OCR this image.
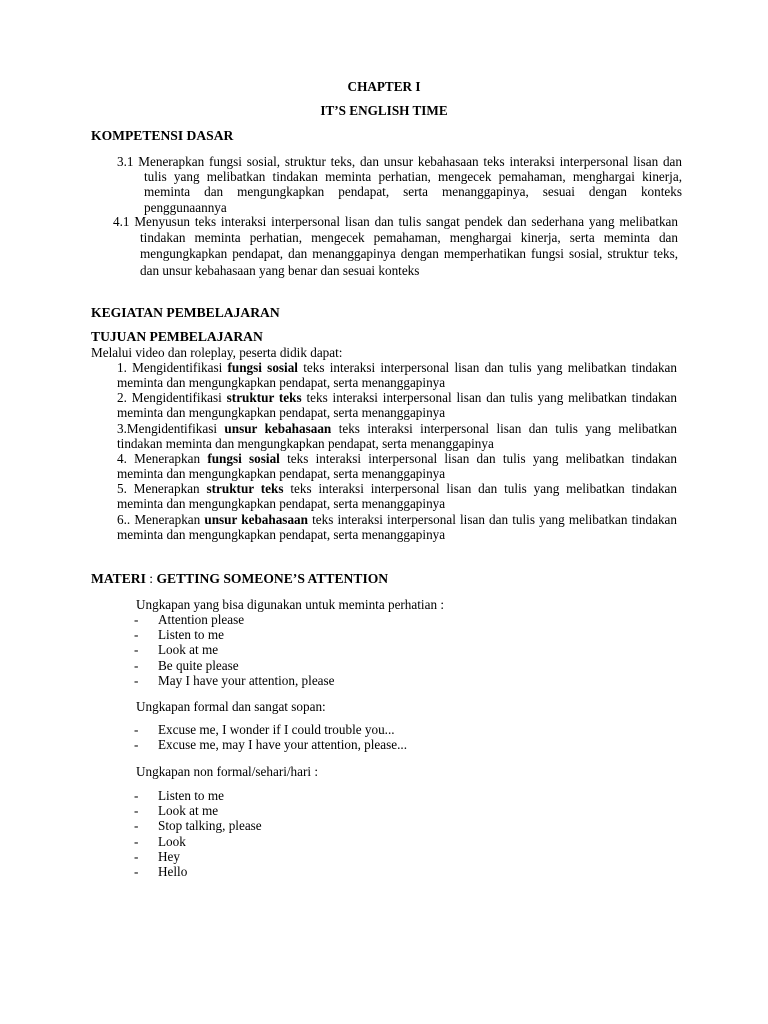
CHAPTER I
IT’S ENGLISH TIME
KOMPETENSI DASAR
3.1 Menerapkan fungsi sosial, struktur teks, dan unsur kebahasaan teks interaksi interpersonal lisan dan tulis yang melibatkan tindakan meminta perhatian, mengecek pemahaman, menghargai kinerja, meminta dan mengungkapkan pendapat, serta menanggapinya, sesuai dengan konteks penggunaannya
4.1 Menyusun teks interaksi interpersonal lisan dan tulis sangat pendek dan sederhana yang melibatkan tindakan meminta perhatian, mengecek pemahaman, menghargai kinerja, serta meminta dan mengungkapkan pendapat, dan menanggapinya dengan memperhatikan fungsi sosial, struktur teks, dan unsur kebahasaan yang benar dan sesuai konteks
KEGIATAN PEMBELAJARAN
TUJUAN PEMBELAJARAN
Melalui video dan roleplay, peserta didik dapat:
1. Mengidentifikasi fungsi sosial teks interaksi interpersonal lisan dan tulis yang melibatkan tindakan meminta dan mengungkapkan pendapat, serta menanggapinya
2. Mengidentifikasi struktur teks teks interaksi interpersonal lisan dan tulis yang melibatkan tindakan meminta dan mengungkapkan pendapat, serta menanggapinya
3.Mengidentifikasi unsur kebahasaan teks interaksi interpersonal lisan dan tulis yang melibatkan tindakan meminta dan mengungkapkan pendapat, serta menanggapinya
4. Menerapkan fungsi sosial teks interaksi interpersonal lisan dan tulis yang melibatkan tindakan meminta dan mengungkapkan pendapat, serta menanggapinya
5. Menerapkan struktur teks teks interaksi interpersonal lisan dan tulis yang melibatkan tindakan meminta dan mengungkapkan pendapat, serta menanggapinya
6.. Menerapkan unsur kebahasaan teks interaksi interpersonal lisan dan tulis yang melibatkan tindakan meminta dan mengungkapkan pendapat, serta menanggapinya
MATERI : GETTING SOMEONE’S ATTENTION
Ungkapan yang bisa digunakan untuk meminta perhatian :
- Attention please
- Listen to me
- Look at me
- Be quite please
- May I have your attention, please
Ungkapan formal dan sangat sopan:
- Excuse me, I wonder if I could trouble you...
- Excuse me, may I have your attention, please...
Ungkapan non formal/sehari/hari :
- Listen to me
- Look at me
- Stop talking, please
- Look
- Hey
- Hello
